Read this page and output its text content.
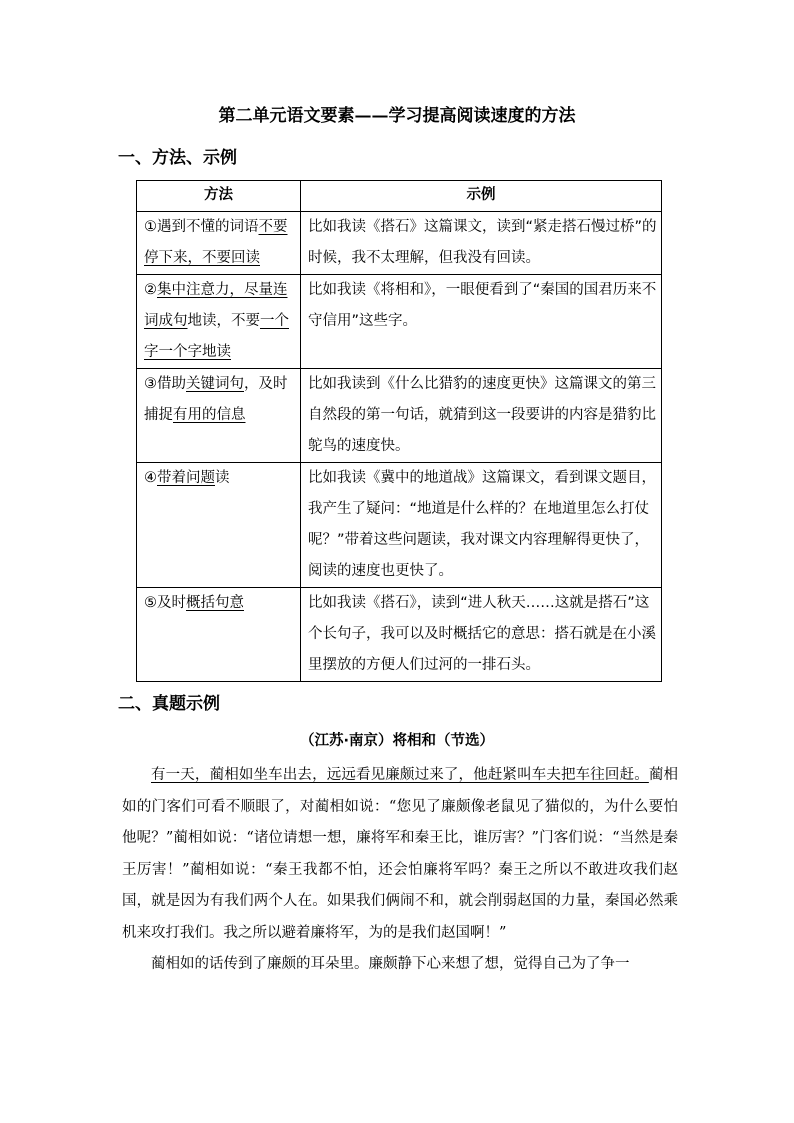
第二单元语文要素——学习提高阅读速度的方法
一、方法、示例
方法	示例
①遇到不懂的词语不要停下来，不要回读	比如我读《搭石》这篇课文，读到“紧走搭石慢过桥”的时候，我不太理解，但我没有回读。
②集中注意力，尽量连词成句地读，不要一个字一个字地读	比如我读《将相和》，一眼便看到了“秦国的国君历来不守信用”这些字。
③借助关键词句，及时捕捉有用的信息	比如我读到《什么比猎豹的速度更快》这篇课文的第三自然段的第一句话，就猜到这一段要讲的内容是猎豹比鸵鸟的速度快。
④带着问题读	比如我读《冀中的地道战》这篇课文，看到课文题目，我产生了疑问：“地道是什么样的？在地道里怎么打仗呢？”带着这些问题读，我对课文内容理解得更快了，阅读的速度也更快了。
⑤及时概括句意	比如我读《搭石》，读到“进人秋天……这就是搭石”这个长句子，我可以及时概括它的意思：搭石就是在小溪里摆放的方便人们过河的一排石头。
二、真题示例
（江苏·南京）将相和（节选）

有一天，蔺相如坐车出去，远远看见廉颇过来了，他赶紧叫车夫把车往回赶。蔺相如的门客们可看不顺眼了，对蔺相如说：“您见了廉颇像老鼠见了猫似的，为什么要怕他呢？”蔺相如说：“诸位请想一想，廉将军和秦王比，谁厉害？”门客们说：“当然是秦王厉害！”蔺相如说：“秦王我都不怕，还会怕廉将军吗？秦王之所以不敢进攻我们赵国，就是因为有我们两个人在。如果我们俩闹不和，就会削弱赵国的力量，秦国必然乘机来攻打我们。我之所以避着廉将军，为的是我们赵国啊！”

蔺相如的话传到了廉颇的耳朵里。廉颇静下心来想了想，觉得自己为了争一
